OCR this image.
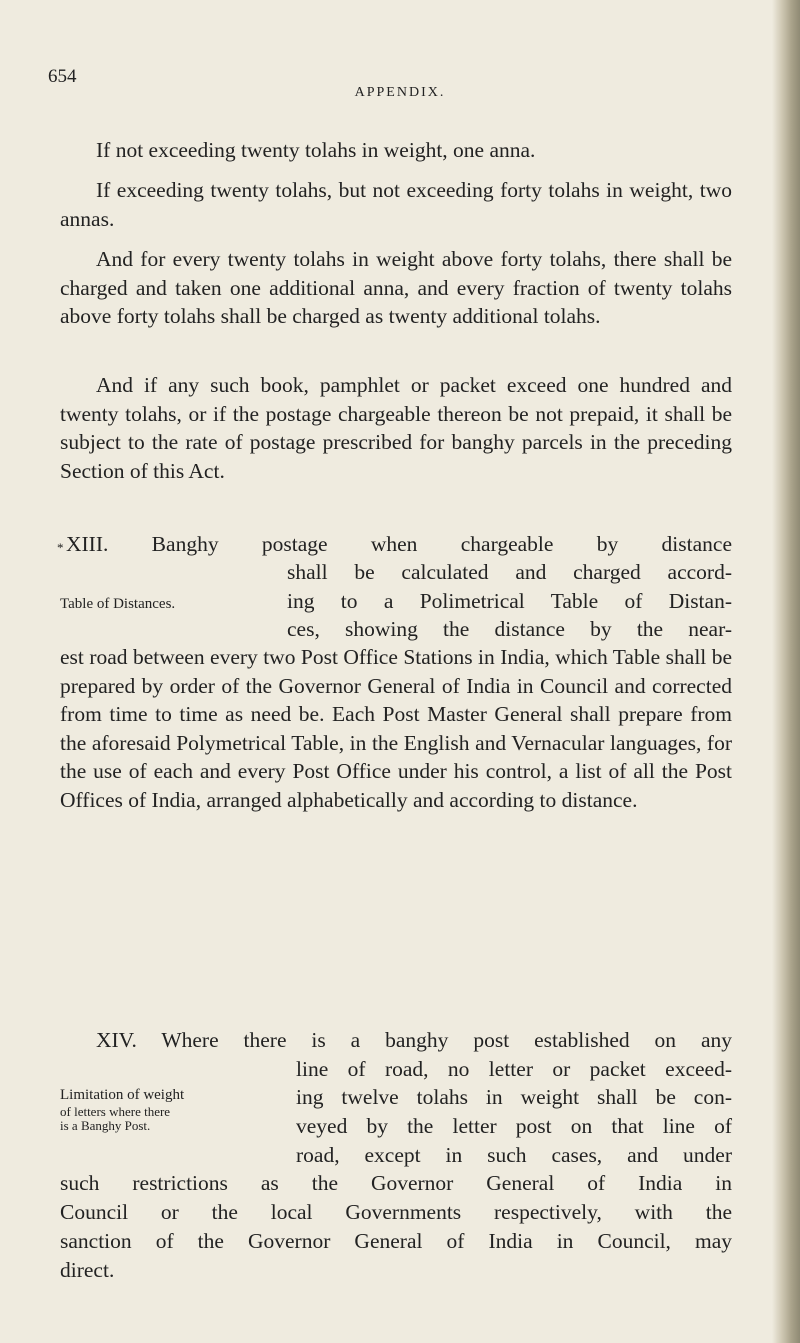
654
APPENDIX.
If not exceeding twenty tolahs in weight, one anna.
If exceeding twenty tolahs, but not exceeding forty tolahs in weight, two annas.
And for every twenty tolahs in weight above forty tolahs, there shall be charged and taken one additional anna, and every fraction of twenty tolahs above forty tolahs shall be charged as twenty additional tolahs.
And if any such book, pamphlet or packet exceed one hundred and twenty tolahs, or if the postage chargeable thereon be not prepaid, it shall be subject to the rate of postage prescribed for banghy parcels in the preceding Section of this Act.
* XIII. Banghy postage when chargeable by distance
shall be calculated and charged accord-
ing to a Polimetrical Table of Distan-
ces, showing the distance by the near-
Table of Distances.
est road between every two Post Office Stations in India, which Table shall be prepared by order of the Governor General of India in Council and corrected from time to time as need be. Each Post Master General shall prepare from the aforesaid Polymetrical Table, in the English and Vernacular languages, for the use of each and every Post Office under his control, a list of all the Post Offices of India, arranged alphabetically and according to distance.
XIV. Where there is a banghy post established on any
line of road, no letter or packet exceed-
ing twelve tolahs in weight shall be con-
veyed by the letter post on that line of
road, except in such cases, and under
such restrictions as the Governor General of India in
Council or the local Governments respectively, with the
sanction of the Governor General of India in Council, may
direct.
Limitation of weight
of letters where there
is a Banghy Post.
